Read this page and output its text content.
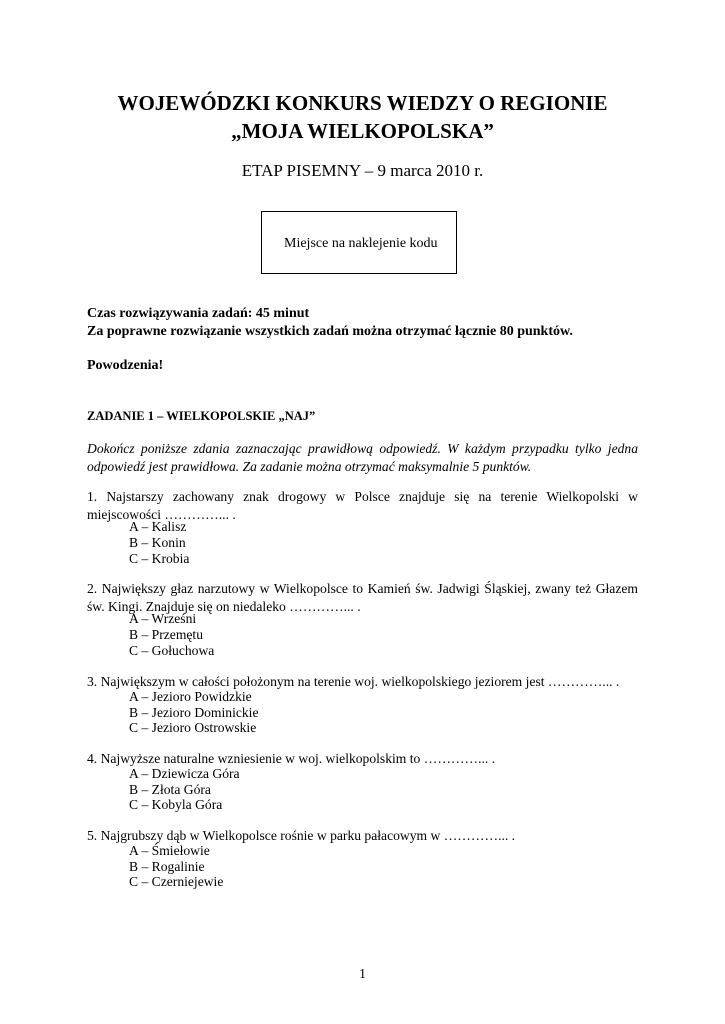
WOJEWÓDZKI KONKURS WIEDZY O REGIONIE
„MOJA WIELKOPOLSKA”
ETAP PISEMNY – 9 marca 2010 r.
Miejsce na naklejenie kodu
Czas rozwiązywania zadań: 45 minut
Za poprawne rozwiązanie wszystkich zadań można otrzymać łącznie 80 punktów.
Powodzenia!
ZADANIE 1 – WIELKOPOLSKIE „NAJ”
Dokończ poniższe zdania zaznaczając prawidłową odpowiedź. W każdym przypadku tylko jedna odpowiedź jest prawidłowa. Za zadanie można otrzymać maksymalnie 5 punktów.
1. Najstarszy zachowany znak drogowy w Polsce znajduje się na terenie Wielkopolski w miejscowości …………... .
A – Kalisz
B – Konin
C – Krobia
2. Największy głaz narzutowy w Wielkopolsce to Kamień św. Jadwigi Śląskiej, zwany też Głazem św. Kingi. Znajduje się on niedaleko …………... .
A – Wrześni
B – Przemętu
C – Gołuchowa
3. Największym w całości położonym na terenie woj. wielkopolskiego jeziorem jest …………... .
A – Jezioro Powidzkie
B – Jezioro Dominickie
C – Jezioro Ostrowskie
4. Najwyższe naturalne wzniesienie w woj. wielkopolskim to …………... .
A – Dziewicza Góra
B – Złota Góra
C – Kobyla Góra
5. Najgrubszy dąb w Wielkopolsce rośnie w parku pałacowym w …………... .
A – Śmiełowie
B – Rogalinie
C – Czerniejewie
1
